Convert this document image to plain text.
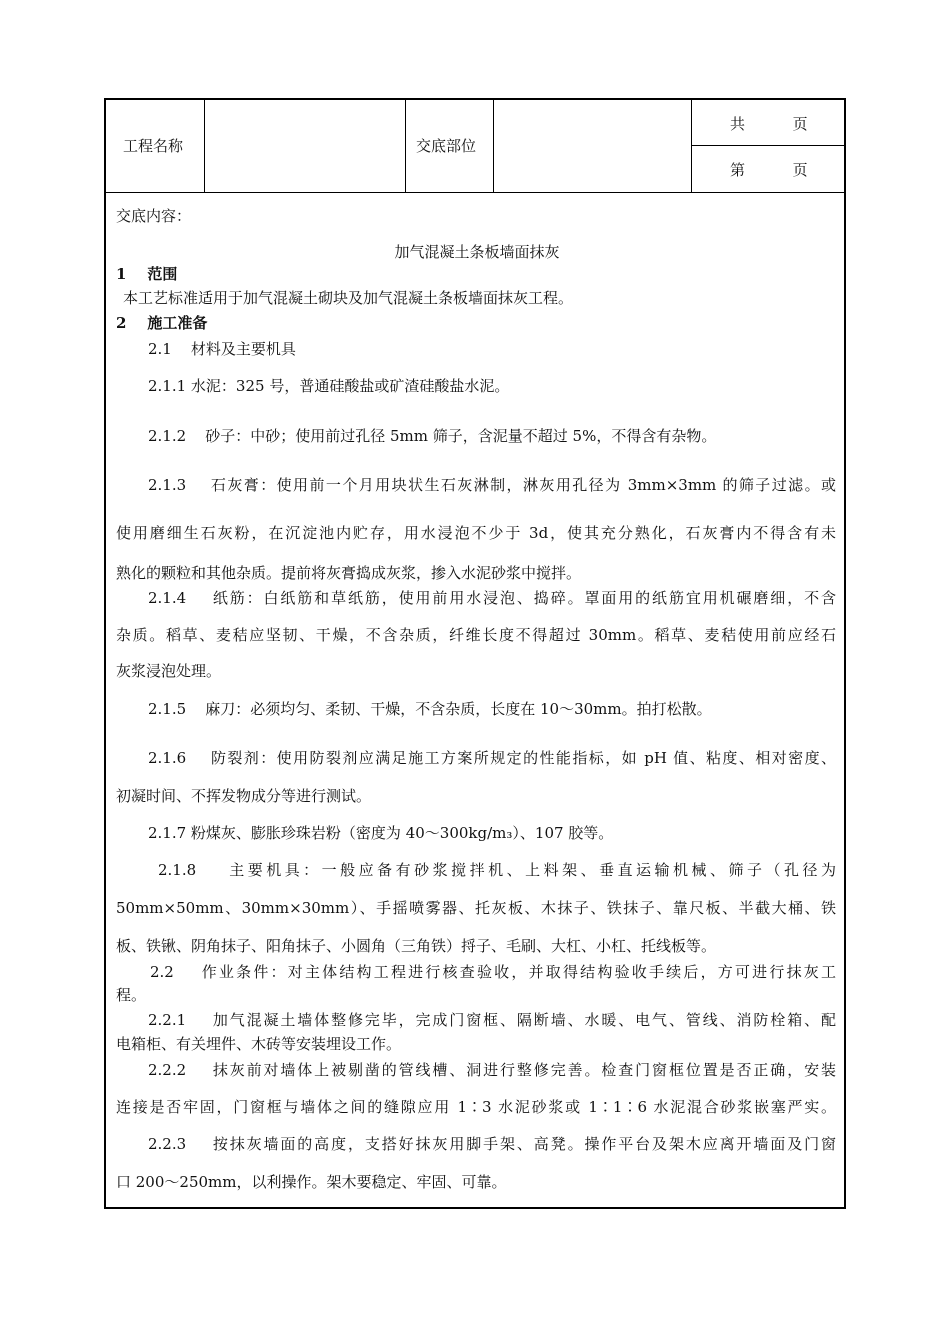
工程名称	交底部位
共          页
第          页
交底内容：
加气混凝土条板墙面抹灰
1    范围
本工艺标准适用于加气混凝土砌块及加气混凝土条板墙面抹灰工程。
2    施工准备
2.1    材料及主要机具
2.1.1 水泥：325 号，普通硅酸盐或矿渣硅酸盐水泥。
2.1.2    砂子：中砂；使用前过孔径 5mm 筛子，含泥量不超过 5%，不得含有杂物。
2.1.3    石灰膏：使用前一个月用块状生石灰淋制，淋灰用孔径为 3mm×3mm 的筛子过滤。或
使用磨细生石灰粉，在沉淀池内贮存，用水浸泡不少于 3d，使其充分熟化，石灰膏内不得含有未
熟化的颗粒和其他杂质。提前将灰膏捣成灰浆，掺入水泥砂浆中搅拌。
2.1.4    纸筋：白纸筋和草纸筋，使用前用水浸泡、捣碎。罩面用的纸筋宜用机碾磨细，不含
杂质。稻草、麦秸应坚韧、干燥，不含杂质，纤维长度不得超过 30mm。稻草、麦秸使用前应经石
灰浆浸泡处理。
2.1.5    麻刀：必须均匀、柔韧、干燥，不含杂质，长度在 10～30mm。拍打松散。
2.1.6    防裂剂：使用防裂剂应满足施工方案所规定的性能指标，如 pH 值、粘度、相对密度、
初凝时间、不挥发物成分等进行测试。
2.1.7 粉煤灰、膨胀珍珠岩粉（密度为 40～300kg/m₃）、107 胶等。
2.1.8    主要机具：一般应备有砂浆搅拌机、上料架、垂直运输机械、筛子（孔径为
50mm×50mm、30mm×30mm）、手摇喷雾器、托灰板、木抹子、铁抹子、靠尺板、半截大桶、铁
板、铁锹、阴角抹子、阳角抹子、小圆角（三角铁）捋子、毛刷、大杠、小杠、托线板等。
2.2    作业条件：对主体结构工程进行核查验收，并取得结构验收手续后，方可进行抹灰工
程。
2.2.1    加气混凝土墙体整修完毕，完成门窗框、隔断墙、水暖、电气、管线、消防栓箱、配
电箱柜、有关埋件、木砖等安装埋设工作。
2.2.2    抹灰前对墙体上被剔凿的管线槽、洞进行整修完善。检查门窗框位置是否正确，安装
连接是否牢固，门窗框与墙体之间的缝隙应用 1∶3 水泥砂浆或 1∶1∶6 水泥混合砂浆嵌塞严实。
2.2.3    按抹灰墙面的高度，支搭好抹灰用脚手架、高凳。操作平台及架木应离开墙面及门窗
口 200～250mm，以利操作。架木要稳定、牢固、可靠。
